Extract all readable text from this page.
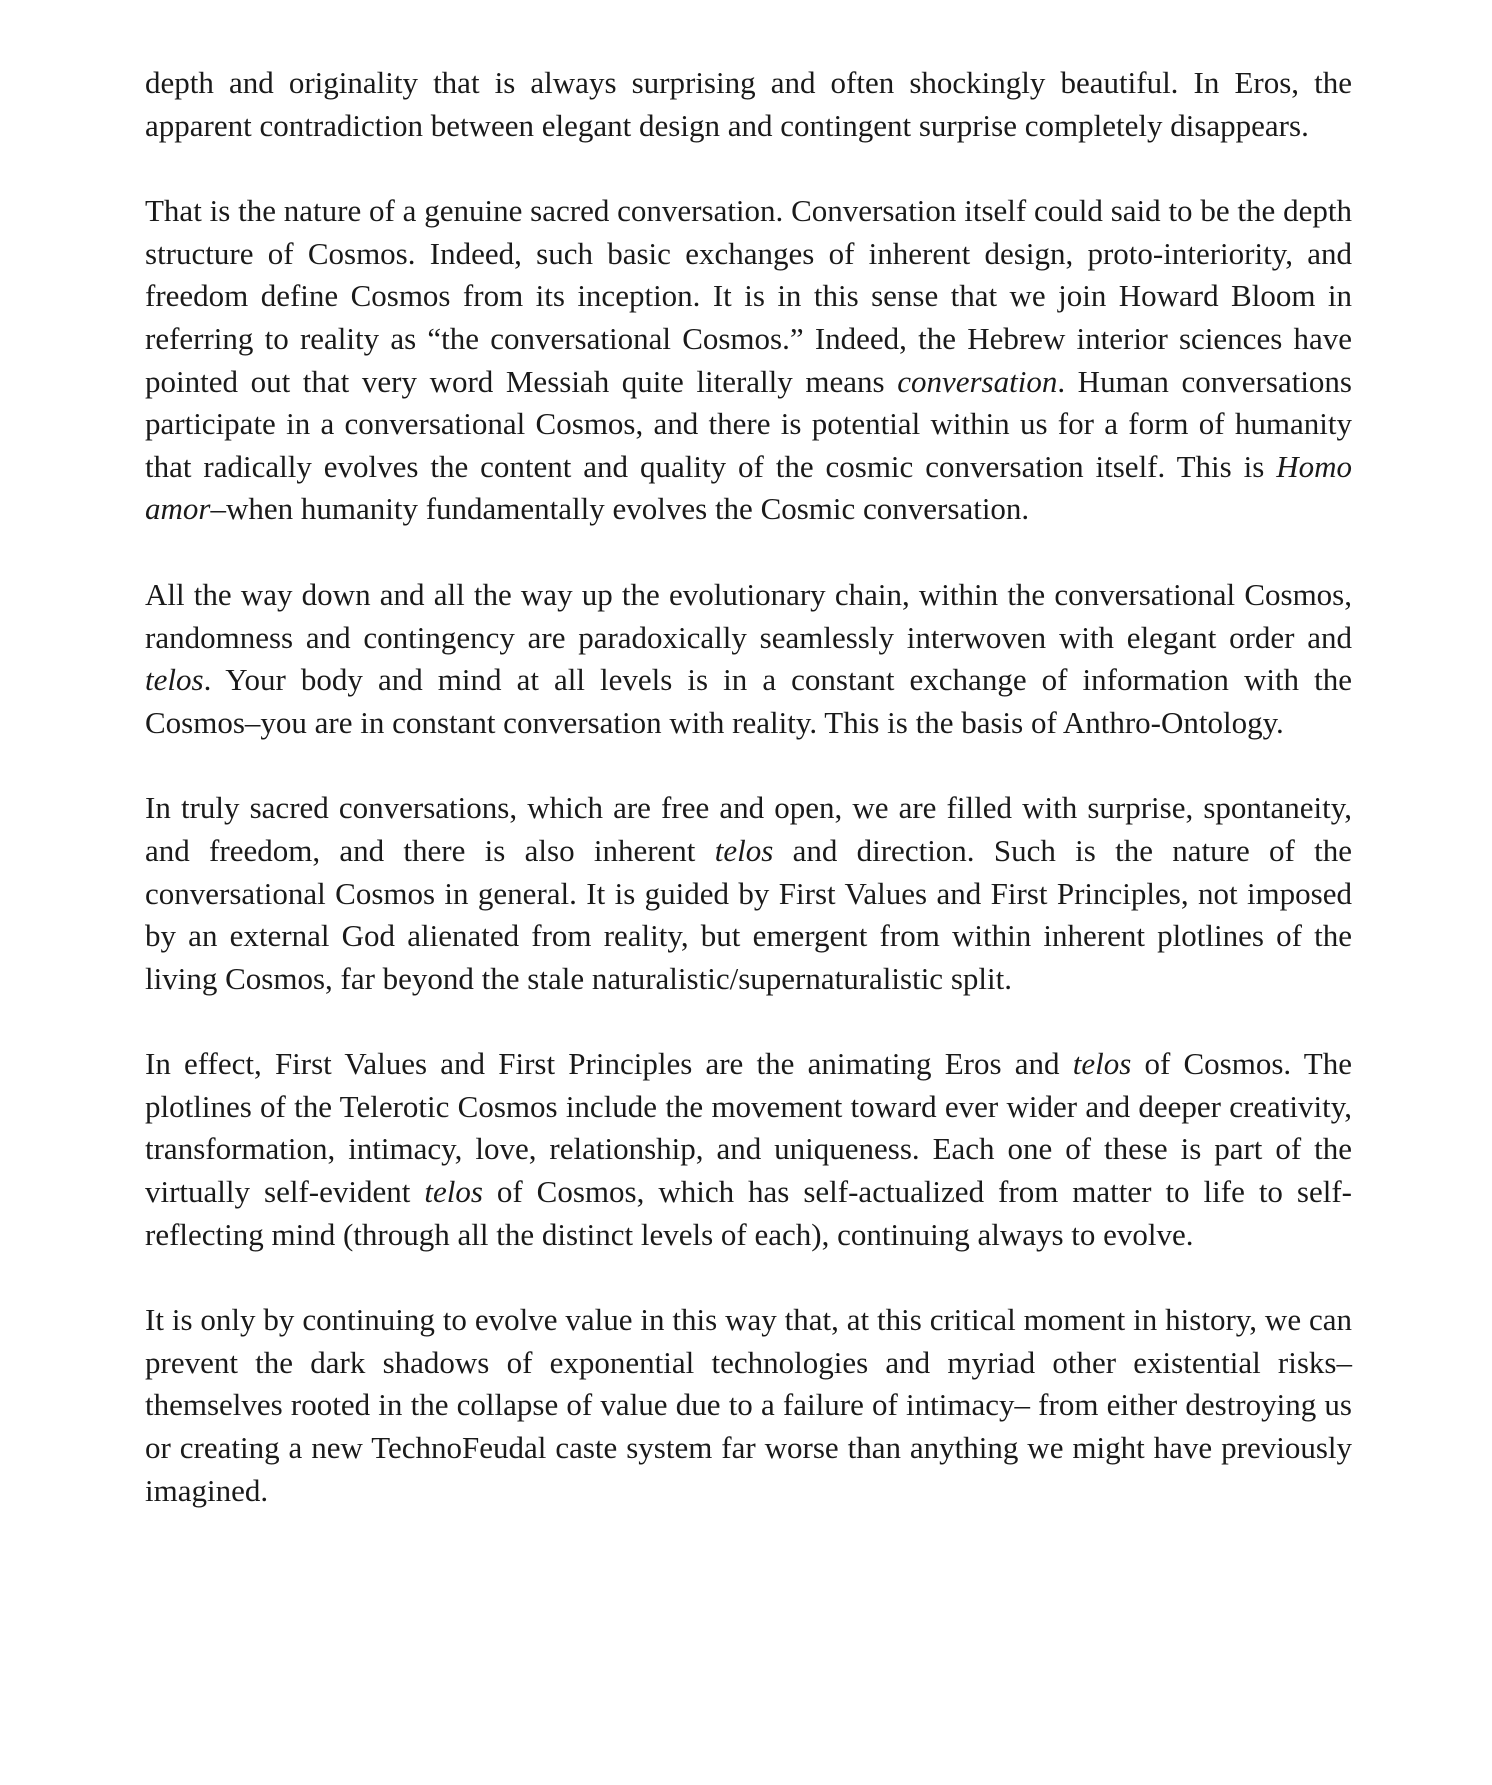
depth and originality that is always surprising and often shockingly beautiful. In Eros, the apparent contradiction between elegant design and contingent surprise completely disappears.

That is the nature of a genuine sacred conversation. Conversation itself could said to be the depth structure of Cosmos. Indeed, such basic exchanges of inherent design, proto-interiority, and freedom define Cosmos from its inception. It is in this sense that we join Howard Bloom in referring to reality as “the conversational Cosmos.” Indeed, the Hebrew interior sciences have pointed out that very word Messiah quite literally means conversation. Human conversations participate in a conversational Cosmos, and there is potential within us for a form of humanity that radically evolves the content and quality of the cosmic conversation itself. This is Homo amor–when humanity fundamentally evolves the Cosmic conversation.

All the way down and all the way up the evolutionary chain, within the conversational Cosmos, randomness and contingency are paradoxically seamlessly interwoven with elegant order and telos. Your body and mind at all levels is in a constant exchange of information with the Cosmos–you are in constant conversation with reality. This is the basis of Anthro-Ontology.

In truly sacred conversations, which are free and open, we are filled with surprise, spontaneity, and freedom, and there is also inherent telos and direction. Such is the nature of the conversational Cosmos in general. It is guided by First Values and First Principles, not imposed by an external God alienated from reality, but emergent from within inherent plotlines of the living Cosmos, far beyond the stale naturalistic/supernaturalistic split.

In effect, First Values and First Principles are the animating Eros and telos of Cosmos. The plotlines of the Telerotic Cosmos include the movement toward ever wider and deeper creativity, transformation, intimacy, love, relationship, and uniqueness. Each one of these is part of the virtually self-evident telos of Cosmos, which has self-actualized from matter to life to self-reflecting mind (through all the distinct levels of each), continuing always to evolve.

It is only by continuing to evolve value in this way that, at this critical moment in history, we can prevent the dark shadows of exponential technologies and myriad other existential risks–themselves rooted in the collapse of value due to a failure of intimacy– from either destroying us or creating a new TechnoFeudal caste system far worse than anything we might have previously imagined.
